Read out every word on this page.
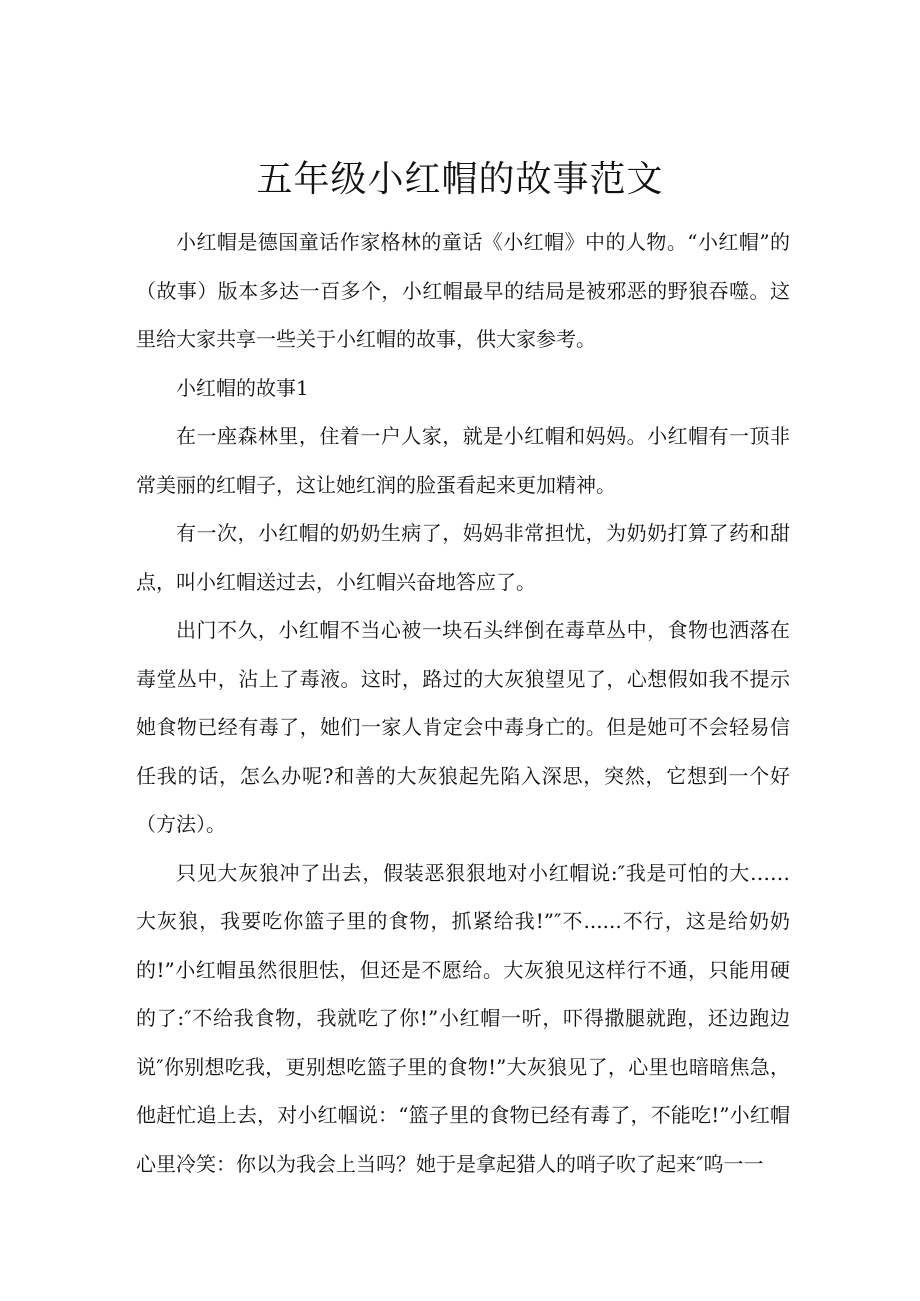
五年级小红帽的故事范文

小红帽是德国童话作家格林的童话《小红帽》中的人物。“小红帽”的（故事）版本多达一百多个，小红帽最早的结局是被邪恶的野狼吞噬。这里给大家共享一些关于小红帽的故事，供大家参考。

小红帽的故事1

在一座森林里，住着一户人家，就是小红帽和妈妈。小红帽有一顶非常美丽的红帽子，这让她红润的脸蛋看起来更加精神。

有一次，小红帽的奶奶生病了，妈妈非常担忧，为奶奶打算了药和甜点，叫小红帽送过去，小红帽兴奋地答应了。

出门不久，小红帽不当心被一块石头绊倒在毒草丛中，食物也洒落在毒堂丛中，沾上了毒液。这时，路过的大灰狼望见了，心想假如我不提示她食物已经有毒了，她们一家人肯定会中毒身亡的。但是她可不会轻易信任我的话，怎么办呢?和善的大灰狼起先陷入深思，突然，它想到一个好（方法）。

只见大灰狼冲了出去，假装恶狠狠地对小红帽说:″我是可怕的大……大灰狼，我要吃你篮子里的食物，抓紧给我!”″不......不行，这是给奶奶的!”小红帽虽然很胆怯，但还是不愿给。大灰狼见这样行不通，只能用硬的了:″不给我食物，我就吃了你!”小红帽一听，吓得撒腿就跑，还边跑边说″你别想吃我，更别想吃篮子里的食物!”大灰狼见了，心里也暗暗焦急，他赶忙追上去，对小红帼说：“篮子里的食物已经有毒了，不能吃!”小红帽心里冷笑：你以为我会上当吗？她于是拿起猎人的哨子吹了起来″呜一一
